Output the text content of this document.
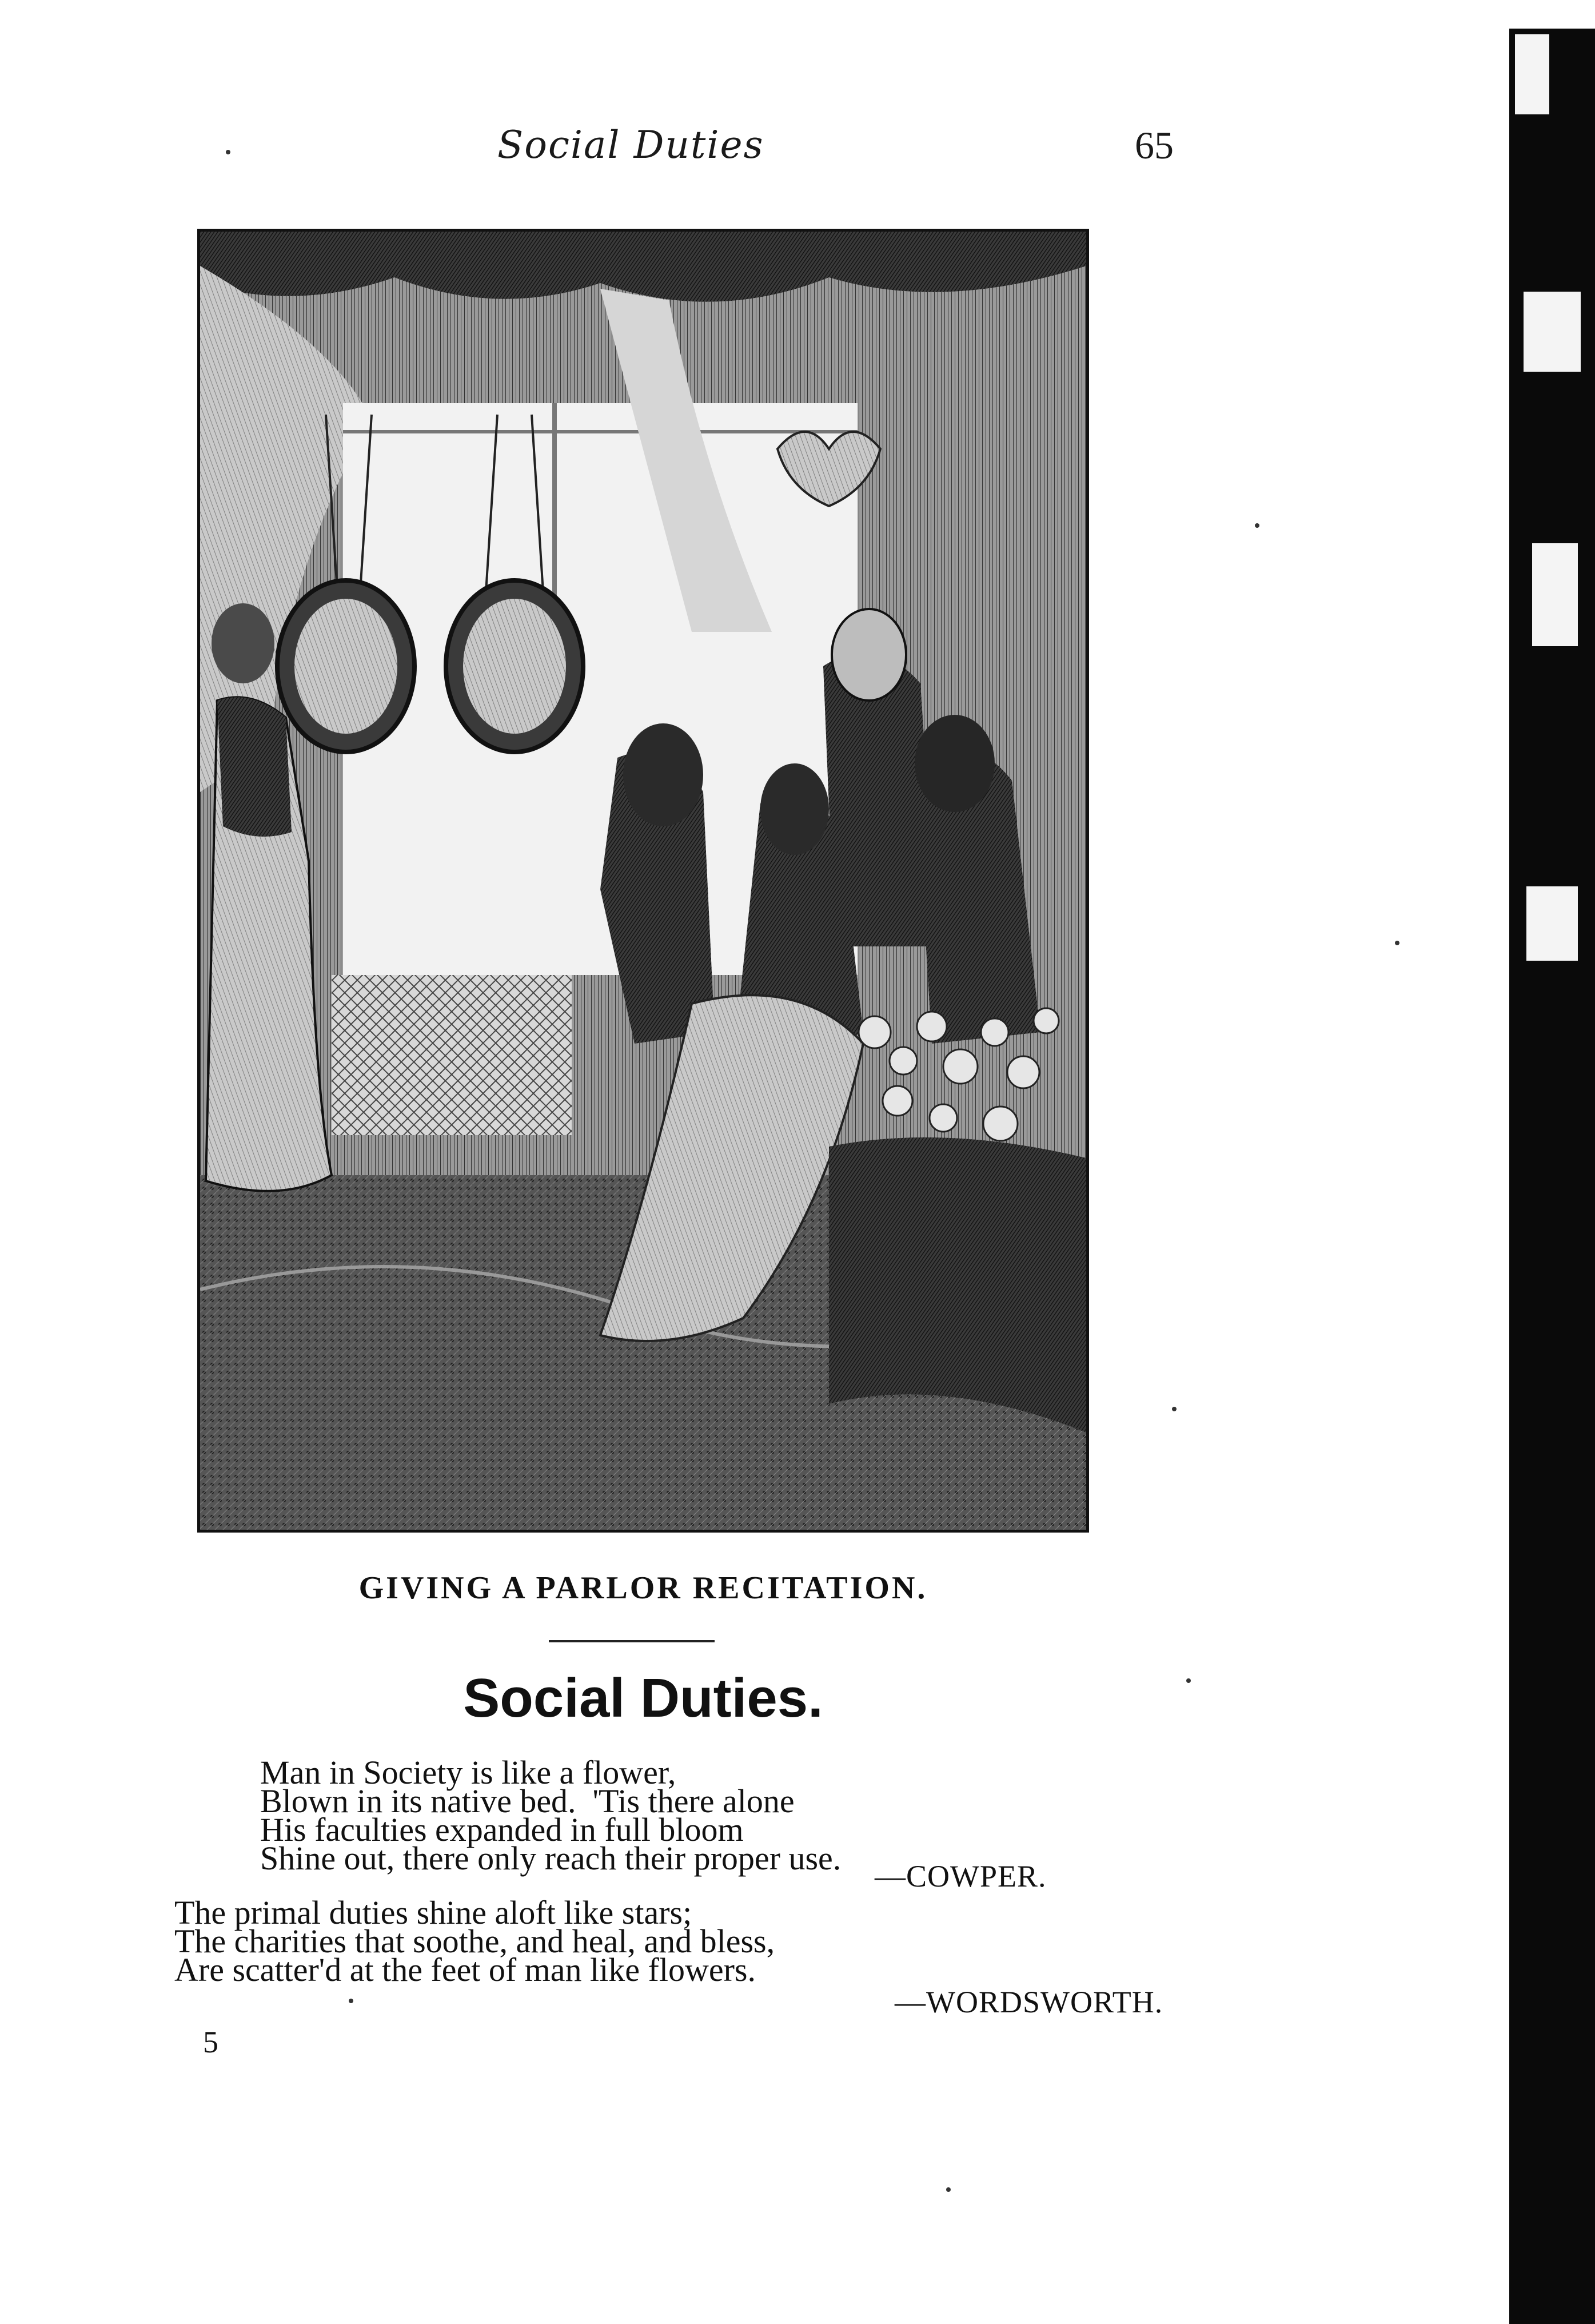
Social Duties	65
GIVING A PARLOR RECITATION.
Social Duties.
Man in Society is like a flower,
Blown in its native bed.  'Tis there alone
His faculties expanded in full bloom
Shine out, there only reach their proper use. —COWPER.
The primal duties shine aloft like stars;
The charities that soothe, and heal, and bless,
Are scatter'd at the feet of man like flowers.
—WORDSWORTH.
5
